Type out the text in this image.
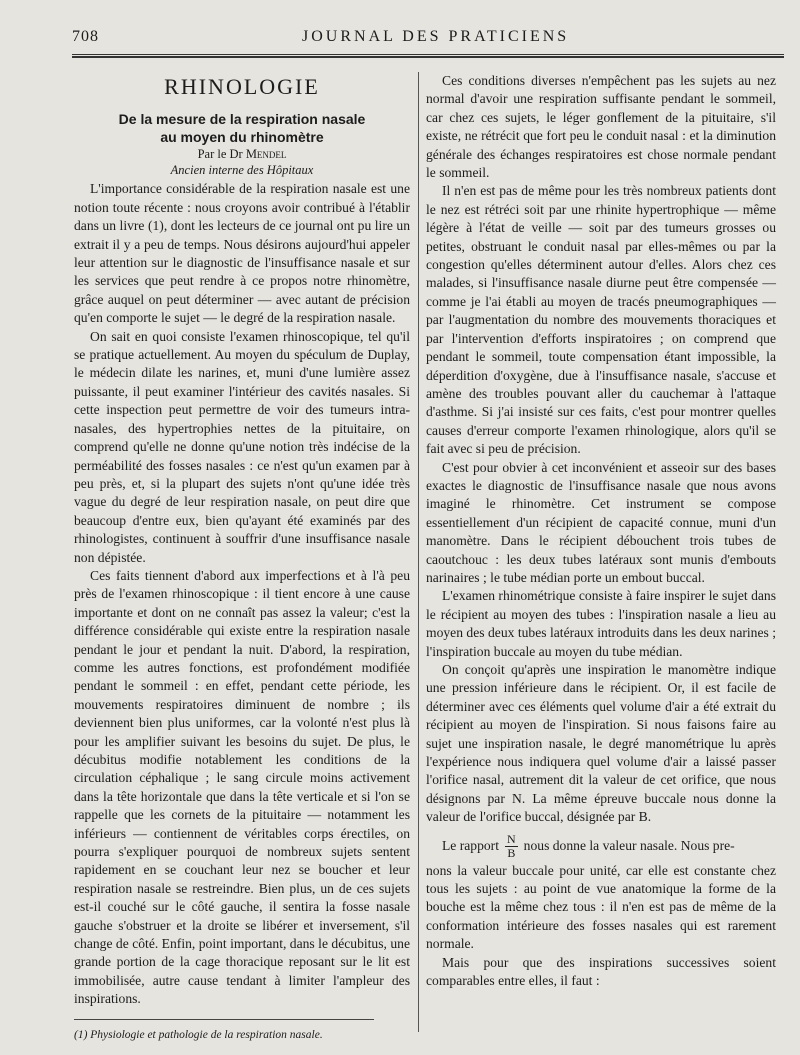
708	JOURNAL DES PRATICIENS
RHINOLOGIE
De la mesure de la respiration nasale
au moyen du rhinomètre
Par le Dr Mendel
Ancien interne des Hôpitaux

L'importance considérable de la respiration nasale est une notion toute récente : nous croyons avoir contribué à l'établir dans un livre (1), dont les lecteurs de ce journal ont pu lire un extrait il y a peu de temps. Nous désirons aujourd'hui appeler leur attention sur le diagnostic de l'insuffisance nasale et sur les services que peut rendre à ce propos notre rhinomètre, grâce auquel on peut déterminer — avec autant de précision qu'en comporte le sujet — le degré de la respiration nasale.

On sait en quoi consiste l'examen rhinoscopique, tel qu'il se pratique actuellement. Au moyen du spéculum de Duplay, le médecin dilate les narines, et, muni d'une lumière assez puissante, il peut examiner l'intérieur des cavités nasales. Si cette inspection peut permettre de voir des tumeurs intra-nasales, des hypertrophies nettes de la pituitaire, on comprend qu'elle ne donne qu'une notion très indécise de la perméabilité des fosses nasales : ce n'est qu'un examen par à peu près, et, si la plupart des sujets n'ont qu'une idée très vague du degré de leur respiration nasale, on peut dire que beaucoup d'entre eux, bien qu'ayant été examinés par des rhinologistes, continuent à souffrir d'une insuffisance nasale non dépistée.

Ces faits tiennent d'abord aux imperfections et à l'à peu près de l'examen rhinoscopique : il tient encore à une cause importante et dont on ne connaît pas assez la valeur; c'est la différence considérable qui existe entre la respiration nasale pendant le jour et pendant la nuit. D'abord, la respiration, comme les autres fonctions, est profondément modifiée pendant le sommeil : en effet, pendant cette période, les mouvements respiratoires diminuent de nombre ; ils deviennent bien plus uniformes, car la volonté n'est plus là pour les amplifier suivant les besoins du sujet. De plus, le décubitus modifie notablement les conditions de la circulation céphalique ; le sang circule moins activement dans la tête horizontale que dans la tête verticale et si l'on se rappelle que les cornets de la pituitaire — notamment les inférieurs — contiennent de véritables corps érectiles, on pourra s'expliquer pourquoi de nombreux sujets sentent rapidement en se couchant leur nez se boucher et leur respiration nasale se restreindre. Bien plus, un de ces sujets est-il couché sur le côté gauche, il sentira la fosse nasale gauche s'obstruer et la droite se libérer et inversement, s'il change de côté. Enfin, point important, dans le décubitus, une grande portion de la cage thoracique reposant sur le lit est immobilisée, autre cause tendant à limiter l'ampleur des inspirations.

(1) Physiologie et pathologie de la respiration nasale.

Ces conditions diverses n'empêchent pas les sujets au nez normal d'avoir une respiration suffisante pendant le sommeil, car chez ces sujets, le léger gonflement de la pituitaire, s'il existe, ne rétrécit que fort peu le conduit nasal : et la diminution générale des échanges respiratoires est chose normale pendant le sommeil.

Il n'en est pas de même pour les très nombreux patients dont le nez est rétréci soit par une rhinite hypertrophique — même légère à l'état de veille — soit par des tumeurs grosses ou petites, obstruant le conduit nasal par elles-mêmes ou par la congestion qu'elles déterminent autour d'elles. Alors chez ces malades, si l'insuffisance nasale diurne peut être compensée — comme je l'ai établi au moyen de tracés pneumographiques — par l'augmentation du nombre des mouvements thoraciques et par l'intervention d'efforts inspiratoires ; on comprend que pendant le sommeil, toute compensation étant impossible, la déperdition d'oxygène, due à l'insuffisance nasale, s'accuse et amène des troubles pouvant aller du cauchemar à l'attaque d'asthme. Si j'ai insisté sur ces faits, c'est pour montrer quelles causes d'erreur comporte l'examen rhinologique, alors qu'il se fait avec si peu de précision.

C'est pour obvier à cet inconvénient et asseoir sur des bases exactes le diagnostic de l'insuffisance nasale que nous avons imaginé le rhinomètre. Cet instrument se compose essentiellement d'un récipient de capacité connue, muni d'un manomètre. Dans le récipient débouchent trois tubes de caoutchouc : les deux tubes latéraux sont munis d'embouts narinaires ; le tube médian porte un embout buccal.

L'examen rhinométrique consiste à faire inspirer le sujet dans le récipient au moyen des tubes : l'inspiration nasale a lieu au moyen des deux tubes latéraux introduits dans les deux narines ; l'inspiration buccale au moyen du tube médian.

On conçoit qu'après une inspiration le manomètre indique une pression inférieure dans le récipient. Or, il est facile de déterminer avec ces éléments quel volume d'air a été extrait du récipient au moyen de l'inspiration. Si nous faisons faire au sujet une inspiration nasale, le degré manométrique lu après l'expérience nous indiquera quel volume d'air a laissé passer l'orifice nasal, autrement dit la valeur de cet orifice, que nous désignons par N. La même épreuve buccale nous donne la valeur de l'orifice buccal, désignée par B.

Le rapport $\frac{N}{B}$ nous donne la valeur nasale. Nous pre-

nons la valeur buccale pour unité, car elle est constante chez tous les sujets : au point de vue anatomique la forme de la bouche est la même chez tous : il n'en est pas de même de la conformation intérieure des fosses nasales qui est rarement normale.

Mais pour que des inspirations successives soient comparables entre elles, il faut :
